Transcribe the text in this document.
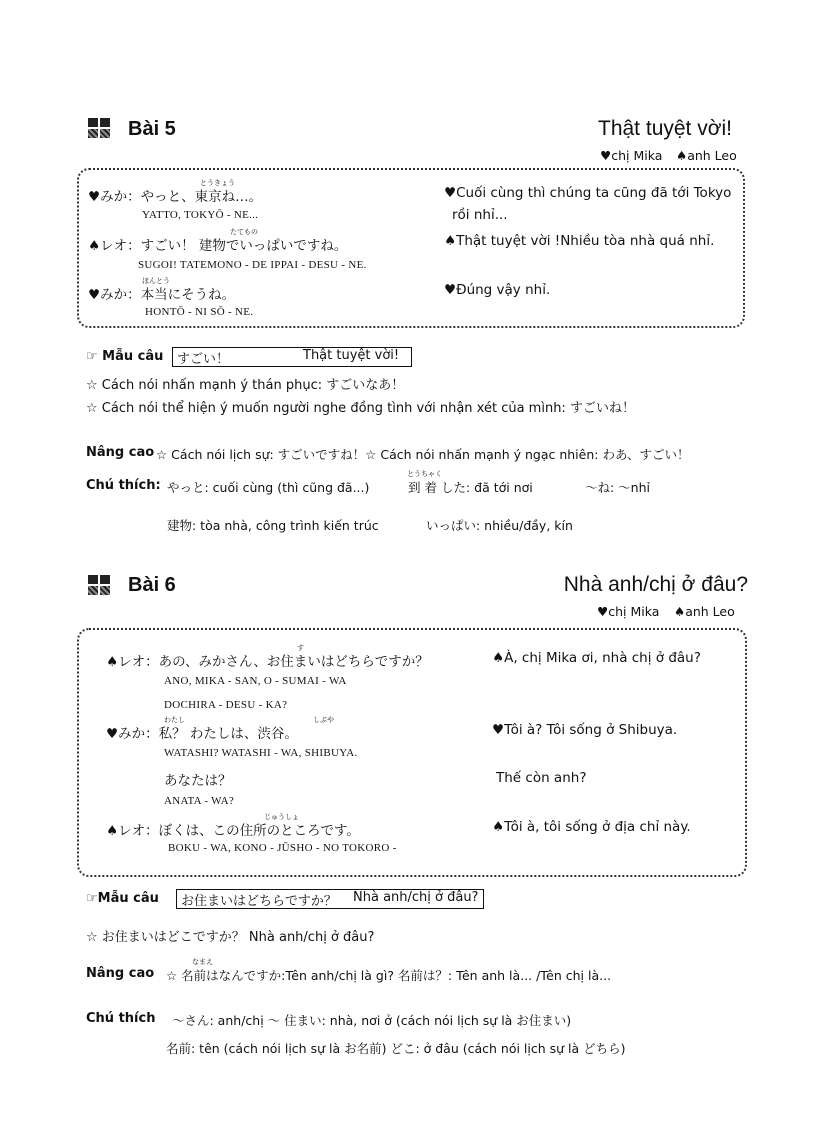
Bài 5	Thật tuyệt vời!
♥chị Mika ♠anh Leo
とうきょう
♥みか：やっと、東京ね…。
YATTO, TOKYŌ - NE...
♥Cuối cùng thì chúng ta cũng đã tới Tokyo
rồi nhỉ...
たてもの
♠レオ：すごい！ 建物でいっぱいですね。
SUGOI! TATEMONO - DE IPPAI - DESU - NE.
♠Thật tuyệt vời !Nhiều tòa nhà quá nhỉ.
ほんとう
♥みか：本当にそうね。
HONTŌ - NI SŌ - NE.
♥Đúng vậy nhỉ.
☞ Mẫu câu	すごい！	Thật tuyệt vời!
☆ Cách nói nhấn mạnh ý thán phục: すごいなあ！
☆ Cách nói thể hiện ý muốn người nghe đồng tình với nhận xét của mình: すごいね！
Nâng cao ☆ Cách nói lịch sự: すごいですね！☆ Cách nói nhấn mạnh ý ngạc nhiên: わあ、すごい！
Chú thích: やっと: cuối cùng (thì cũng đã...)
とうちゃく
到 着 した: đã tới nơi	～ね: ～nhỉ
建物: tòa nhà, công trình kiến trúc	いっぱい: nhiều/đầy, kín
Bài 6	Nhà anh/chị ở đâu?
♥chị Mika ♠anh Leo
す
♠レオ：あの、みかさん、お住まいはどちらですか？
ANO, MIKA - SAN, O - SUMAI - WA
DOCHIRA - DESU - KA?
♠À, chị Mika ơi, nhà chị ở đâu?
わたし	しぶや
♥みか：私？ わたしは、渋谷。
WATASHI? WATASHI - WA, SHIBUYA.
♥Tôi à? Tôi sống ở Shibuya.
あなたは？
ANATA - WA?
Thế còn anh?
じゅうしょ
♠レオ：ぼくは、この住所のところです。
BOKU - WA, KONO - JŪSHO - NO TOKORO -
♠Tôi à, tôi sống ở địa chỉ này.
☞Mẫu câu	お住まいはどちらですか？ Nhà anh/chị ở đâu?
☆ お住まいはどこですか？ Nhà anh/chị ở đâu?
Nâng cao
なまえ
☆ 名前はなんですか:Tên anh/chị là gì? 名前は？: Tên anh là... /Tên chị là...
Chú thích ～さん: anh/chị ～ 住まい: nhà, nơi ở (cách nói lịch sự là お住まい)
名前: tên (cách nói lịch sự là お名前) どこ: ở đâu (cách nói lịch sự là どちら)
